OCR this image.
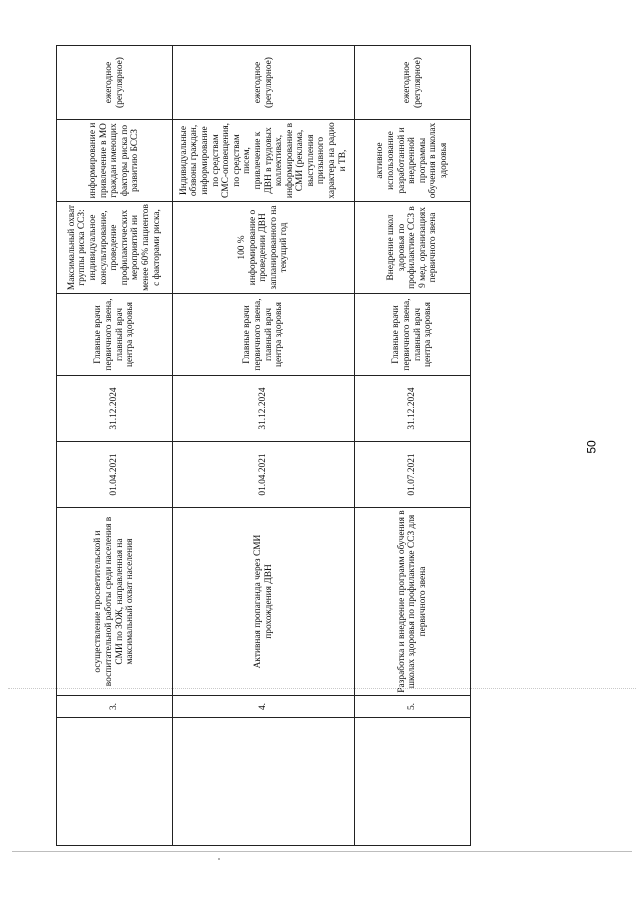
	3.	осуществление просветительской и воспитательной работы среди населения в СМИ по ЗОЖ, направленная на максимальный охват населения	01.04.2021	31.12.2024	Главные врачи первичного звена, главный врач центра здоровья	Максимальный охват группы риска ССЗ: индивидуальное консультирование, проведение профилактических мероприятий ни менее 60% пациентов с факторами риска,	информирование и привлечение в МО граждан имеющих факторы риска по развитию БССЗ	ежегодное (регулярное)
	4.	Активная пропаганда через СМИ прохождения ДВН	01.04.2021	31.12.2024	Главные врачи первичного звена, главный врач центра здоровья	100 % информирование о проведении ДВН запланированного на текущий год	Индивидуальные обзвоны граждан, информирование по средствам СМС-оповещения, по средствам писем, привлечение к ДВН в трудовых коллективах, информирование в СМИ (реклама, выступления призывного характера на радио и ТВ,	ежегодное (регулярное)
	5.	Разработка и внедрение программ обучения в школах здоровья по профилактике ССЗ для первичного звена	01.07.2021	31.12.2024	Главные врачи первичного звена, главный врач центра здоровья	Внедрение школ здоровья по профилактике ССЗ в 9 мед. организациях первичного звена	активное использование разработанной и внедренной программы обучения в школах здоровья	ежегодное (регулярное)
50
